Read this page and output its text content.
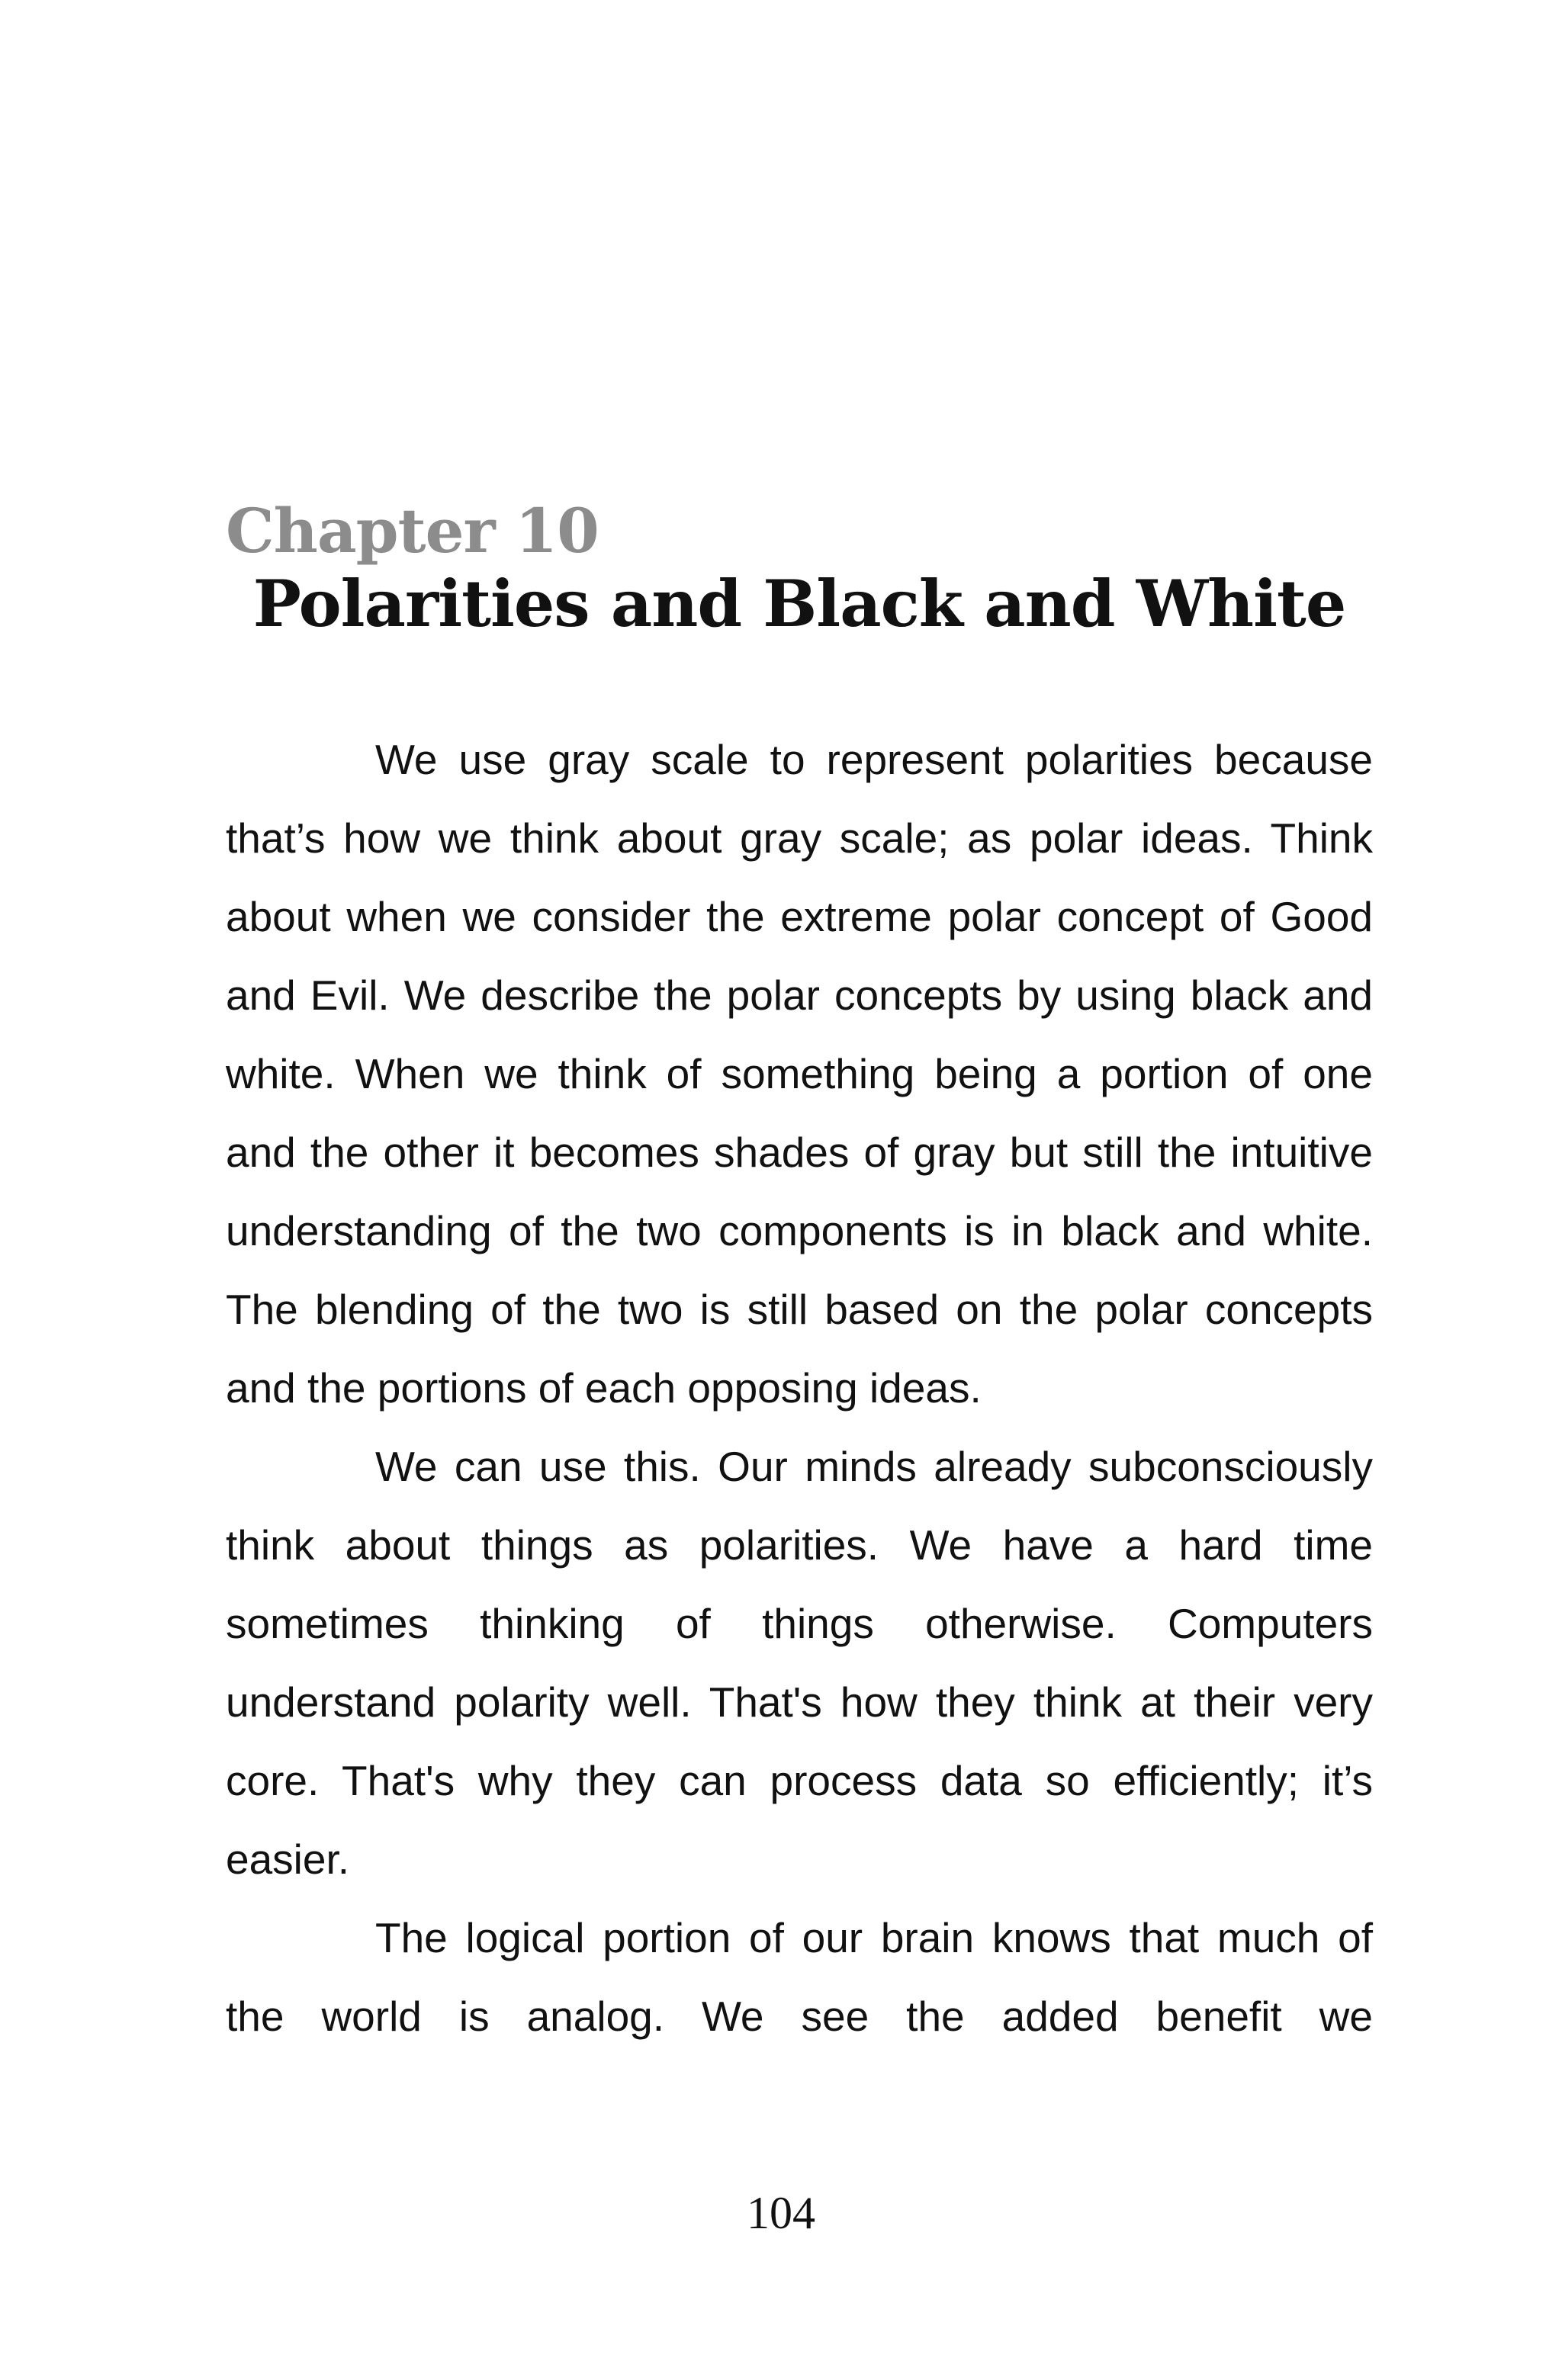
Chapter 10
Polarities and Black and White

We use gray scale to represent polarities because that’s how we think about gray scale; as polar ideas. Think about when we consider the extreme polar concept of Good and Evil. We describe the polar concepts by using black and white. When we think of something being a portion of one and the other it becomes shades of gray but still the intuitive understanding of the two components is in black and white. The blending of the two is still based on the polar concepts and the portions of each opposing ideas.

We can use this. Our minds already subconsciously think about things as polarities. We have a hard time sometimes thinking of things otherwise. Computers understand polarity well. That's how they think at their very core. That's why they can process data so efficiently; it’s easier.

The logical portion of our brain knows that much of the world is analog. We see the added benefit we

104
